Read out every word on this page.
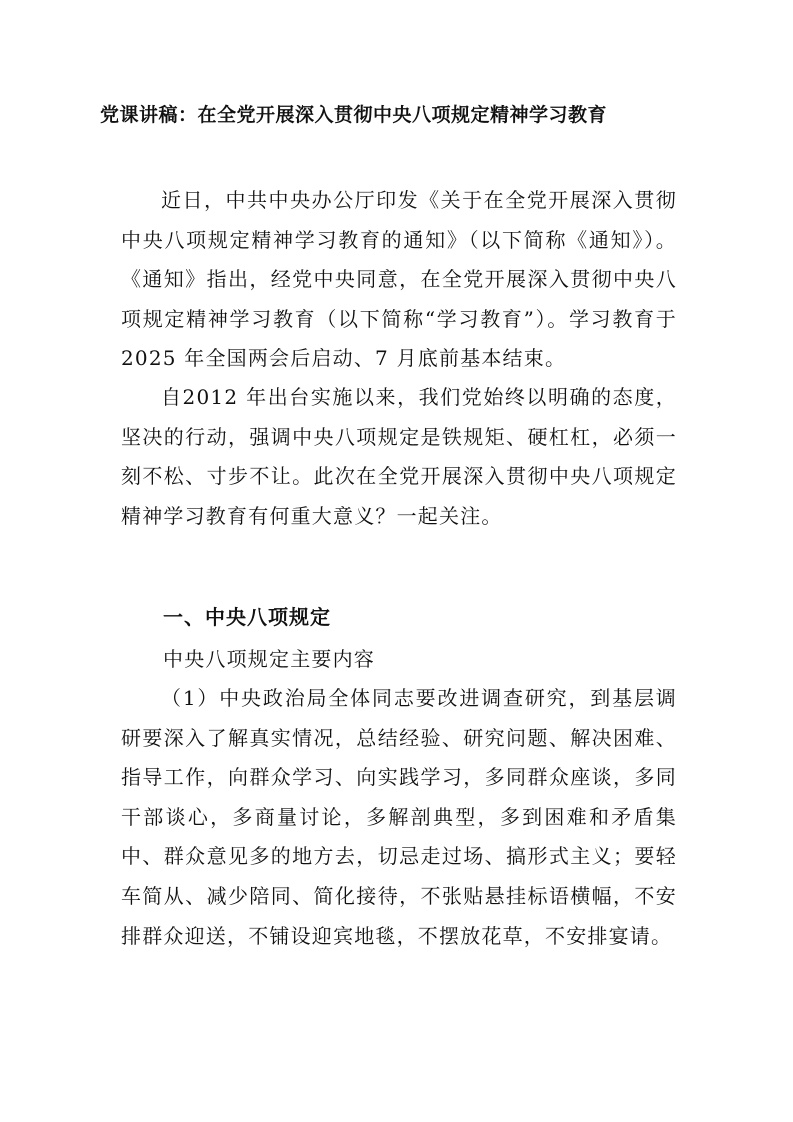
党课讲稿：在全党开展深入贯彻中央八项规定精神学习教育

近日，中共中央办公厅印发《关于在全党开展深入贯彻中央八项规定精神学习教育的通知》（以下简称《通知》）。《通知》指出，经党中央同意，在全党开展深入贯彻中央八项规定精神学习教育（以下简称“学习教育”）。学习教育于 2025 年全国两会后启动、7 月底前基本结束。

自2012 年出台实施以来，我们党始终以明确的态度，坚决的行动，强调中央八项规定是铁规矩、硬杠杠，必须一刻不松、寸步不让。此次在全党开展深入贯彻中央八项规定精神学习教育有何重大意义？一起关注。

一、中央八项规定
中央八项规定主要内容

（1）中央政治局全体同志要改进调查研究，到基层调研要深入了解真实情况，总结经验、研究问题、解决困难、指导工作，向群众学习、向实践学习，多同群众座谈，多同干部谈心，多商量讨论，多解剖典型，多到困难和矛盾集中、群众意见多的地方去，切忌走过场、搞形式主义；要轻车简从、减少陪同、简化接待，不张贴悬挂标语横幅，不安排群众迎送，不铺设迎宾地毯，不摆放花草，不安排宴请。
